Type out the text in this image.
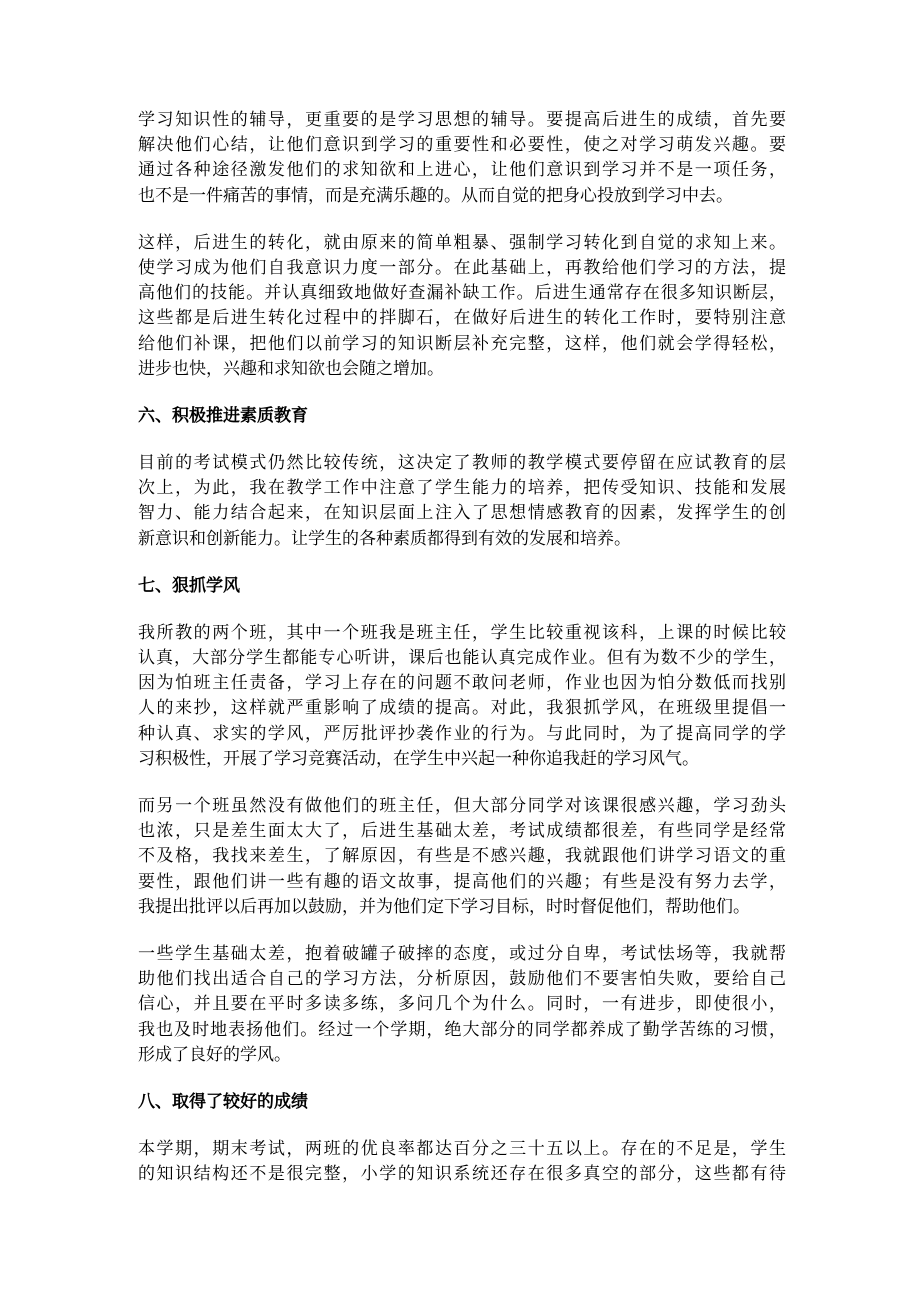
学习知识性的辅导，更重要的是学习思想的辅导。要提高后进生的成绩，首先要
解决他们心结，让他们意识到学习的重要性和必要性，使之对学习萌发兴趣。要
通过各种途径激发他们的求知欲和上进心，让他们意识到学习并不是一项任务，
也不是一件痛苦的事情，而是充满乐趣的。从而自觉的把身心投放到学习中去。
这样，后进生的转化，就由原来的简单粗暴、强制学习转化到自觉的求知上来。
使学习成为他们自我意识力度一部分。在此基础上，再教给他们学习的方法，提
高他们的技能。并认真细致地做好查漏补缺工作。后进生通常存在很多知识断层，
这些都是后进生转化过程中的拌脚石，在做好后进生的转化工作时，要特别注意
给他们补课，把他们以前学习的知识断层补充完整，这样，他们就会学得轻松，
进步也快，兴趣和求知欲也会随之增加。
六、积极推进素质教育
目前的考试模式仍然比较传统，这决定了教师的教学模式要停留在应试教育的层
次上，为此，我在教学工作中注意了学生能力的培养，把传受知识、技能和发展
智力、能力结合起来，在知识层面上注入了思想情感教育的因素，发挥学生的创
新意识和创新能力。让学生的各种素质都得到有效的发展和培养。
七、狠抓学风
我所教的两个班，其中一个班我是班主任，学生比较重视该科，上课的时候比较
认真，大部分学生都能专心听讲，课后也能认真完成作业。但有为数不少的学生，
因为怕班主任责备，学习上存在的问题不敢问老师，作业也因为怕分数低而找别
人的来抄，这样就严重影响了成绩的提高。对此，我狠抓学风，在班级里提倡一
种认真、求实的学风，严厉批评抄袭作业的行为。与此同时，为了提高同学的学
习积极性，开展了学习竞赛活动，在学生中兴起一种你追我赶的学习风气。
而另一个班虽然没有做他们的班主任，但大部分同学对该课很感兴趣，学习劲头
也浓，只是差生面太大了，后进生基础太差，考试成绩都很差，有些同学是经常
不及格，我找来差生，了解原因，有些是不感兴趣，我就跟他们讲学习语文的重
要性，跟他们讲一些有趣的语文故事，提高他们的兴趣；有些是没有努力去学，
我提出批评以后再加以鼓励，并为他们定下学习目标，时时督促他们，帮助他们。
一些学生基础太差，抱着破罐子破摔的态度，或过分自卑，考试怯场等，我就帮
助他们找出适合自己的学习方法，分析原因，鼓励他们不要害怕失败，要给自己
信心，并且要在平时多读多练，多问几个为什么。同时，一有进步，即使很小，
我也及时地表扬他们。经过一个学期，绝大部分的同学都养成了勤学苦练的习惯，
形成了良好的学风。
八、取得了较好的成绩
本学期，期末考试，两班的优良率都达百分之三十五以上。存在的不足是，学生
的知识结构还不是很完整，小学的知识系统还存在很多真空的部分，这些都有待
